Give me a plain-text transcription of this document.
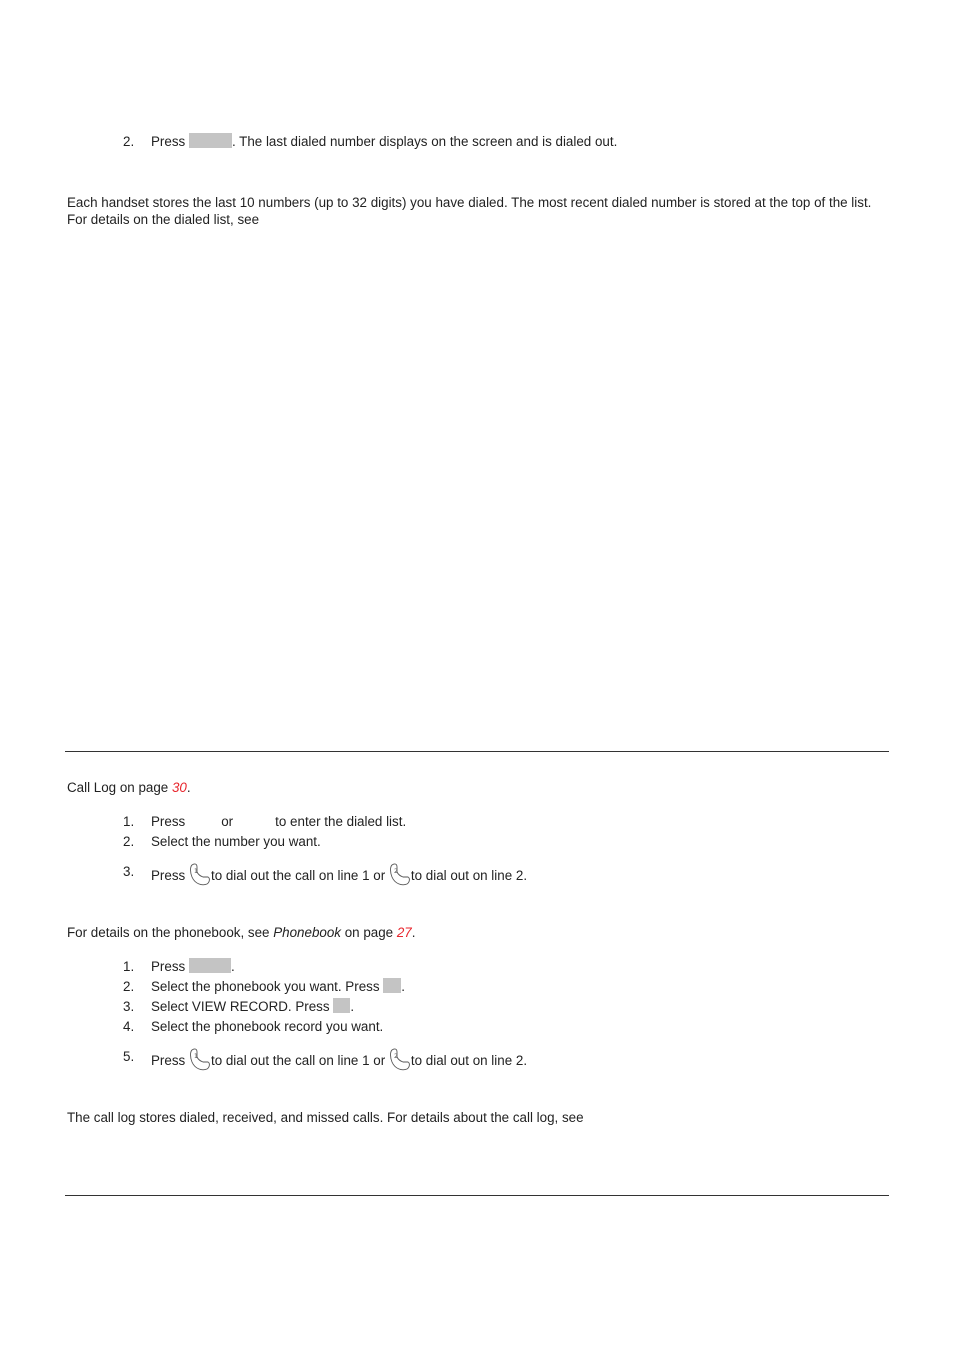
2. Press	. The last dialed number displays on the screen and is dialed out.
Each handset stores the last 10 numbers (up to 32 digits) you have dialed. The most recent dialed number is stored at the top of the list.
For details on the dialed list, see
Call Log on page 30.
1. Press	or	to enter the dialed list.
2. Select the number you want.
3. Press 1 to dial out the call on line 1 or 2 to dial out on line 2.
For details on the phonebook, see Phonebook on page 27.
1. Press	.
2. Select the phonebook you want. Press .
3. Select VIEW RECORD. Press .
4. Select the phonebook record you want.
5. Press 1 to dial out the call on line 1 or 2 to dial out on line 2.
The call log stores dialed, received, and missed calls. For details about the call log, see
